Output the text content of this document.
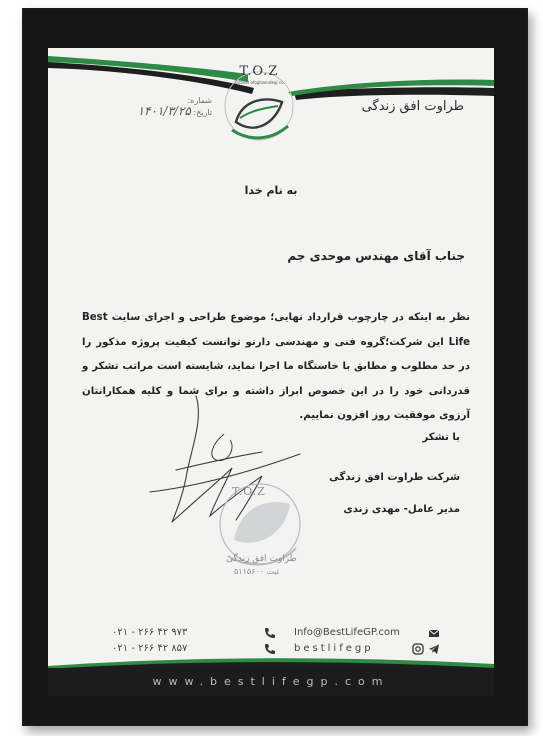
T.O.Z
Taravat ofoghzendegi co
طراوت افق زندگی
شماره:
تاریخ: ۱۴۰۱/۳/۲۵
به نام خدا
جناب آقای مهندس موحدی جم

نظر به اینکه در چارچوب قرارداد نهایی؛ موضوع طراحی و اجرای سایت Best Life این شرکت؛گروه فنی و مهندسی دارنو توانست کیفیت پروژه مذکور را در حد مطلوب و مطابق با خاستگاه ما اجرا نماید، شایسته است مراتب تشکر و قدردانی خود را در این خصوص ابراز داشته و برای شما و کلیه همکارانتان آرزوی موفقیت روز افزون نماییم.

با تشکر
شرکت طراوت افق زندگی
مدیر عامل- مهدی زندی
T.O.Z
طراوت افق زندگی
ثبت ۵۱۱۵۶۰۰
۰۲۱ - ۲۶۶ ۴۲ ۹۷۳
۰۲۱ - ۲۶۶ ۴۲ ۸۵۷
Info@BestLifeGP.com
bestlifegp
www.bestlifegp.com
